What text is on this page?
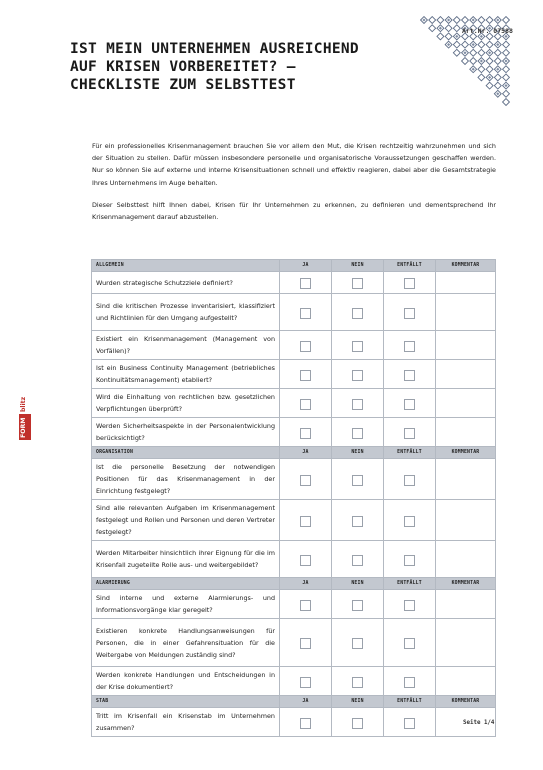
IST MEIN UNTERNEHMEN AUSREICHEND
AUF KRISEN VORBEREITET? –
CHECKLISTE ZUM SELBSTTEST
Art.Nr. 07588

Für ein professionelles Krisenmanagement brauchen Sie vor allem den Mut, die Krisen rechtzeitig wahrzunehmen und sich der Situation zu stellen. Dafür müssen insbesondere personelle und organisatorische Voraussetzungen geschaffen werden. Nur so können Sie auf externe und interne Krisensituationen schnell und effektiv reagieren, dabei aber die Gesamtstrategie Ihres Unternehmens im Auge behalten.

Dieser Selbsttest hilft Ihnen dabei, Krisen für Ihr Unternehmen zu erkennen, zu definieren und dementsprechend Ihr Krisenmanagement darauf abzustellen.

FORM
blitz
ALLGEMEIN	JA	NEIN	ENTFÄLLT	KOMMENTAR
Wurden strategische Schutzziele definiert?				
Sind die kritischen Prozesse inventarisiert, klassifiziert und Richtlinien für den Umgang aufgestellt?				
Existiert ein Krisenmanagement (Management von Vorfällen)?				
Ist ein Business Continuity Management (betriebliches Kontinuitätsmanagement) etabliert?				
Wird die Einhaltung von rechtlichen bzw. gesetzlichen Verpflichtungen überprüft?				
Werden Sicherheitsaspekte in der Personalentwicklung berücksichtigt?				
ORGANISATION	JA	NEIN	ENTFÄLLT	KOMMENTAR
Ist die personelle Besetzung der notwendigen Positionen für das Krisenmanagement in der Einrichtung festgelegt?				
Sind alle relevanten Aufgaben im Krisenmanagement festgelegt und Rollen und Personen und deren Vertreter festgelegt?				
Werden Mitarbeiter hinsichtlich ihrer Eignung für die im Krisenfall zugeteilte Rolle aus- und weitergebildet?				
ALARMIERUNG	JA	NEIN	ENTFÄLLT	KOMMENTAR
Sind interne und externe Alarmierungs- und Informationsvorgänge klar geregelt?				
Existieren konkrete Handlungsanweisungen für Personen, die in einer Gefahrensituation für die Weitergabe von Meldungen zuständig sind?				
Werden konkrete Handlungen und Entscheidungen in der Krise dokumentiert?				
STAB	JA	NEIN	ENTFÄLLT	KOMMENTAR
Tritt im Krisenfall ein Krisenstab im Unternehmen zusammen?				
Seite 1/4
